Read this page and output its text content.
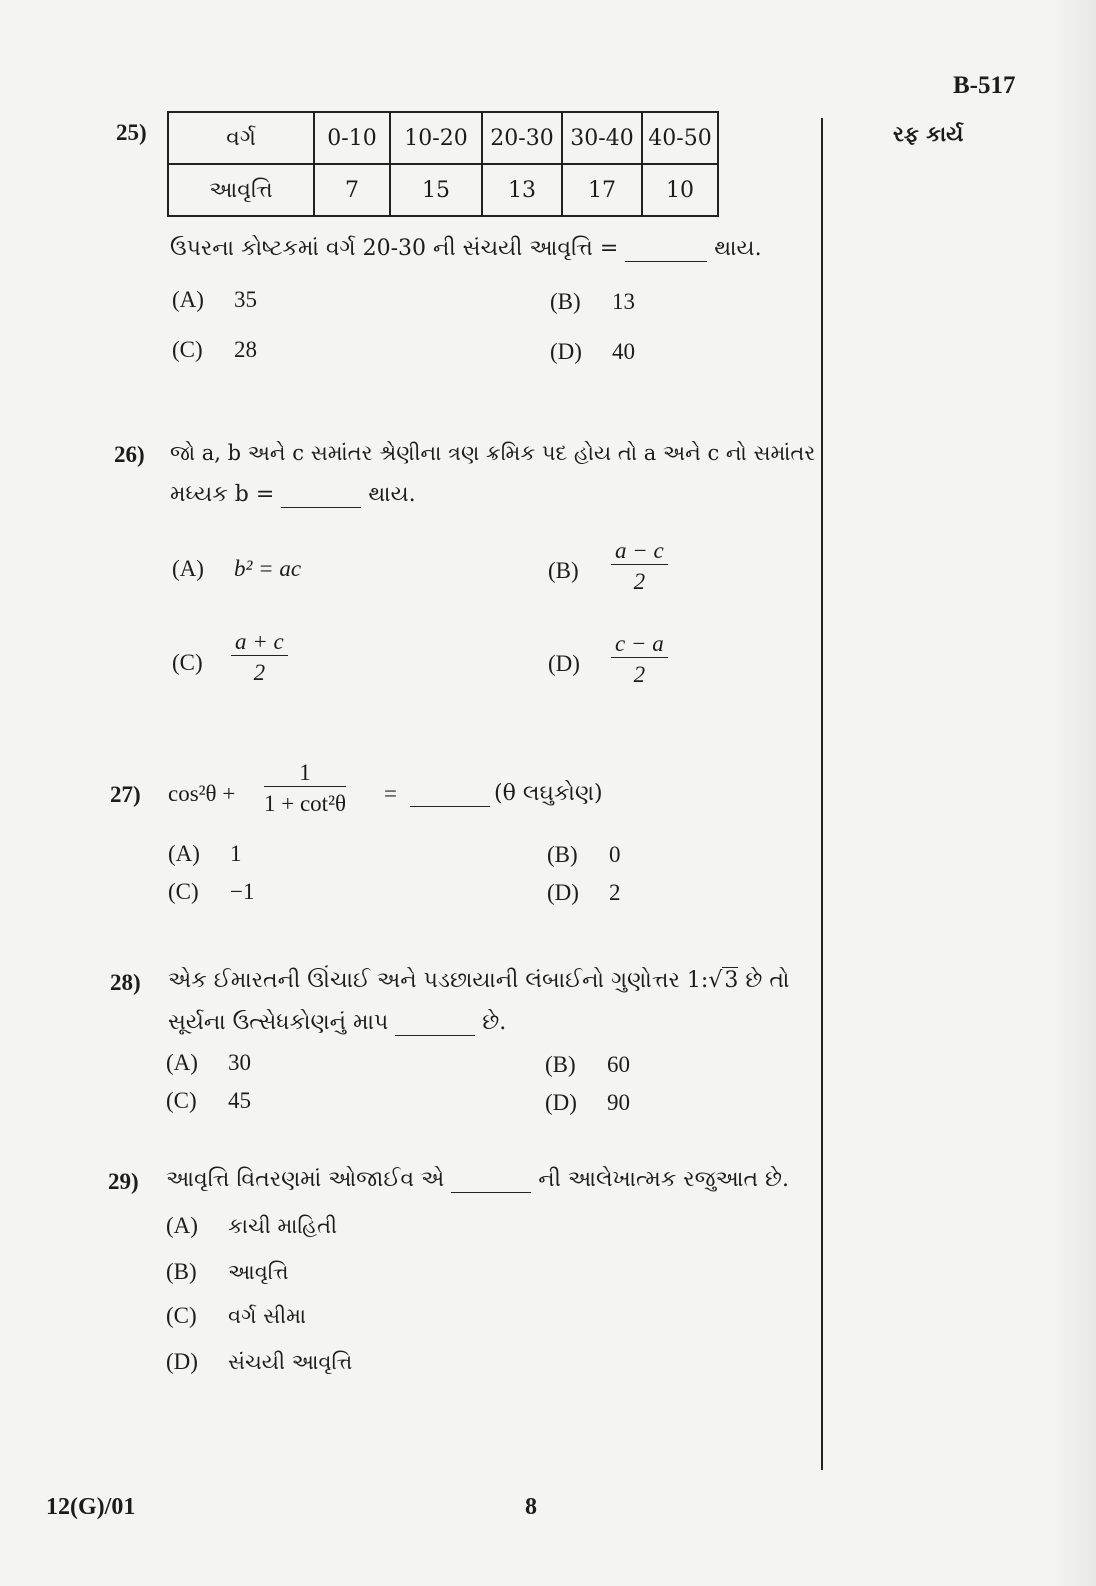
B-517
રફ કાર્ય
25)	વર્ગ	0-10	10-20	20-30	30-40	40-50
આવૃત્તિ	7	15	13	17	10
ઉપરના કોષ્ટકમાં વર્ગ 20-30 ની સંચયી આવૃત્તિ =	થાય.
(A) 35	(B) 13
(C) 28	(D) 40
26) જો a, b અને c સમાંતર શ્રેણીના ત્રણ ક્રમિક પદ હોય તો a અને c નો સમાંતર
મધ્યક b =	થાય.
(A) b² = ac	(B)	$\frac{a - c}{2}$
(C)	$\frac{a + c}{2}$	(D)	$\frac{c - a}{2}$
27) $\cos^2\theta + \frac{1}{\text{1 + cot²θ}}$ =	(θ લઘુકોણ)
(A) 1	(B) 0
(C) −1	(D) 2
28) એક ઈમારતની ઊંચાઈ અને પડછાયાની લંબાઈનો ગુણોત્તર 1:√3 છે તો
સૂર્યના ઉત્સેધકોણનું માપ	છે.
(A) 30	(B) 60
(C) 45	(D) 90
29) આવૃત્તિ વિતરણમાં ઓજાઈવ એ	ની આલેખાત્મક રજુઆત છે.
(A) કાચી માહિતી
(B) આવૃત્તિ
(C) વર્ગ સીમા
(D) સંચયી આવૃત્તિ
12(G)/01	8
